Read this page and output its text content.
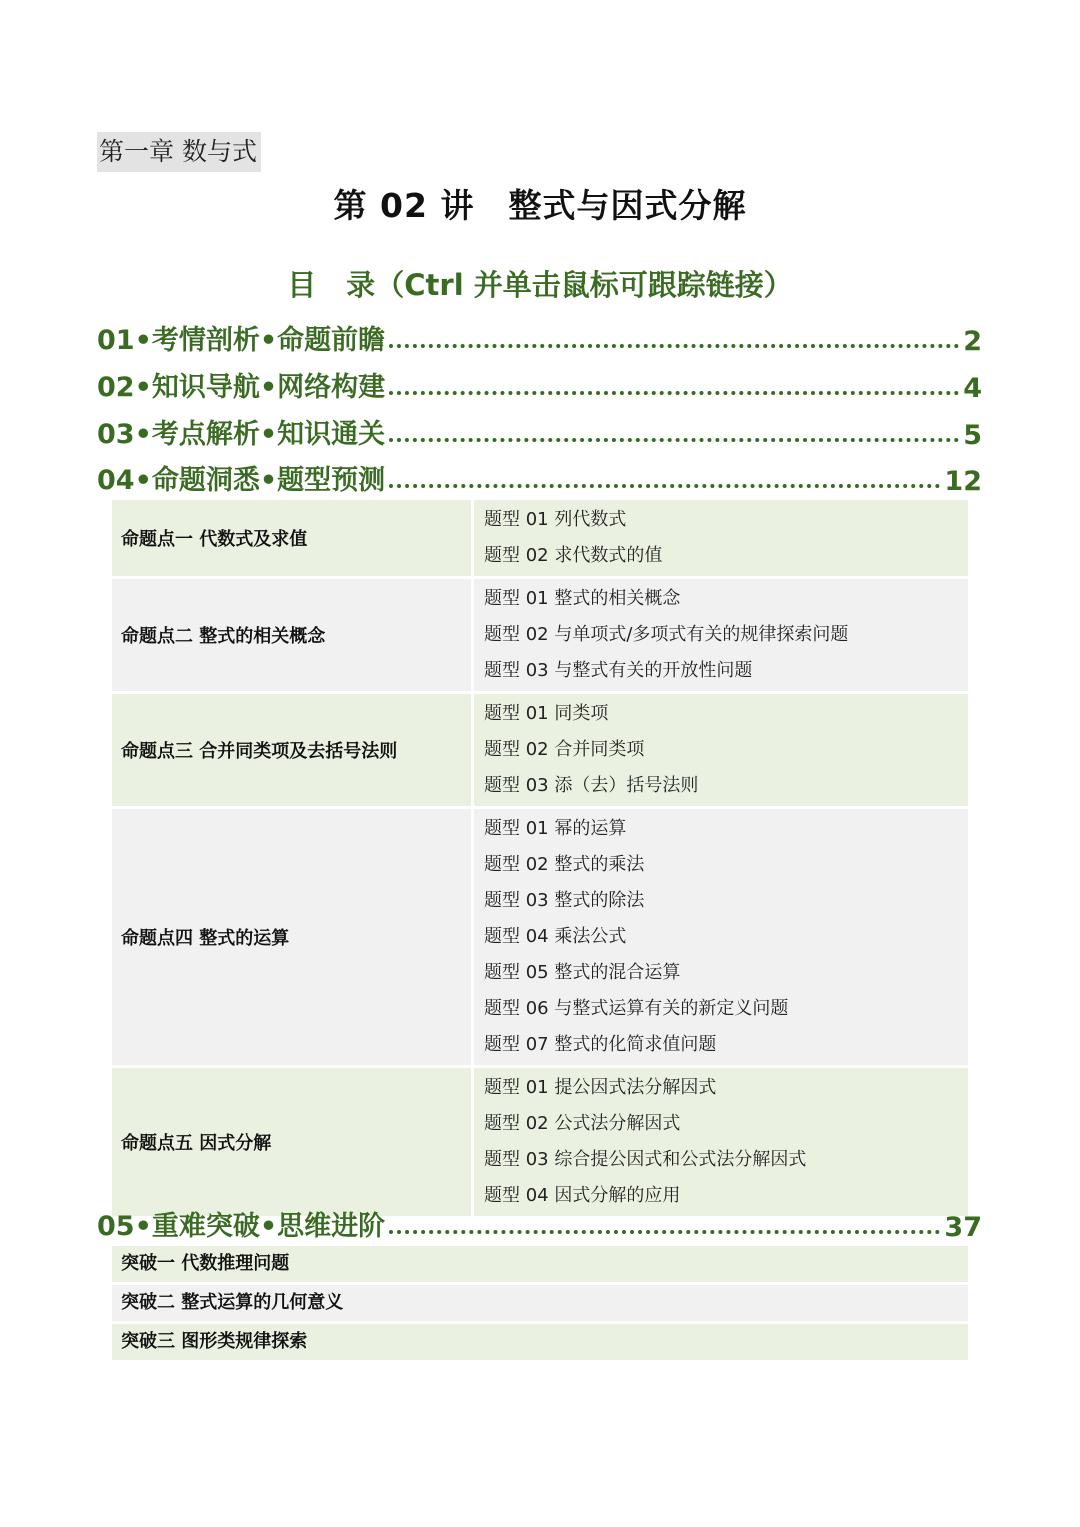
第一章 数与式
第 02 讲 整式与因式分解
目 录（Ctrl 并单击鼠标可跟踪链接）
01•考情剖析•命题前瞻	2
02•知识导航•网络构建	4
03•考点解析•知识通关	5
04•命题洞悉•题型预测	12
命题点一 代数式及求值
题型 01 列代数式
题型 02 求代数式的值
命题点二 整式的相关概念
题型 01 整式的相关概念
题型 02 与单项式/多项式有关的规律探索问题
题型 03 与整式有关的开放性问题
命题点三 合并同类项及去括号法则
题型 01 同类项
题型 02 合并同类项
题型 03 添（去）括号法则
命题点四 整式的运算
题型 01 幂的运算
题型 02 整式的乘法
题型 03 整式的除法
题型 04 乘法公式
题型 05 整式的混合运算
题型 06 与整式运算有关的新定义问题
题型 07 整式的化简求值问题
命题点五 因式分解
题型 01 提公因式法分解因式
题型 02 公式法分解因式
题型 03 综合提公因式和公式法分解因式
题型 04 因式分解的应用
05•重难突破•思维进阶	37
突破一 代数推理问题
突破二 整式运算的几何意义
突破三 图形类规律探索
